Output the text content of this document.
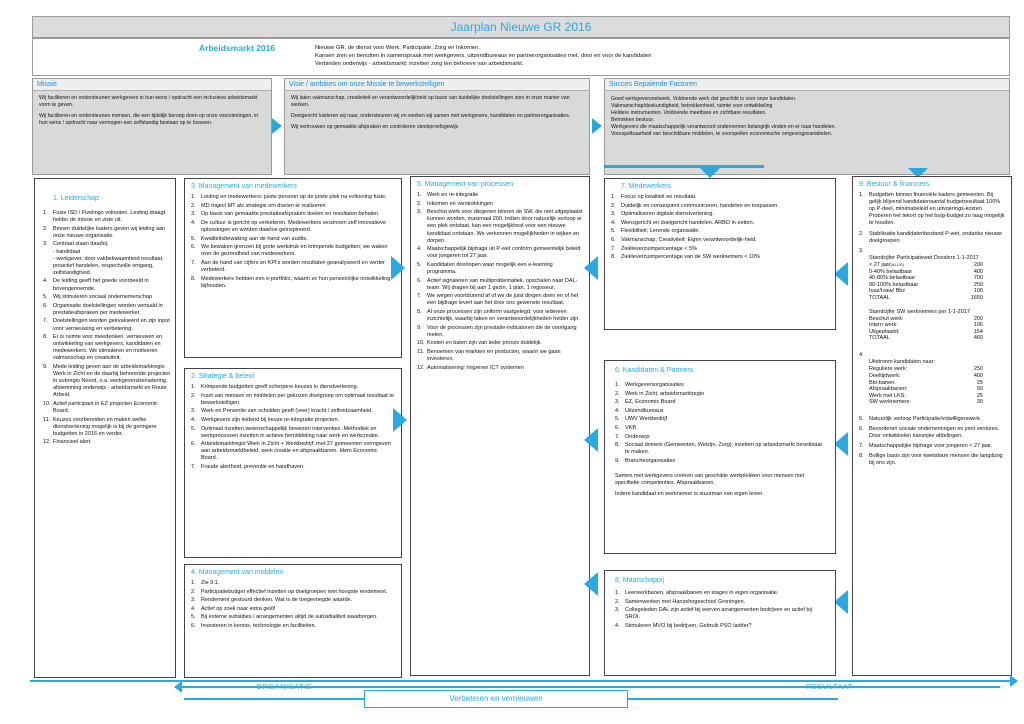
Jaarplan Nieuwe GR 2016
Arbeidsmarkt 2016	Nieuwe GR, de dienst voor Werk, Participatie, Zorg en Inkomen.
Kansen zien en benutten in samenspraak met werkgevers, uitzendbureaus en partnerorganisaties met, door en voor de kandidaten
Verbinden onderwijs - arbeidsmarkt; inzetten zorg ten behoeve van arbeidsmarkt.
Missie

Wij faciliteren en ondersteunen werkgevers in hun wens / opdracht een inclusieve arbeidsmarkt vorm te geven.

Wij faciliteren en ondersteunen mensen, die een tijdelijk beroep doen op onze voorzieningen, in hun wens / opdracht naar vermogen een zelfstandig bestaan op te bouwen.

Visie / ambities om onze Missie te bewerkstelligen

Wij laten vakmanschap, creativiteit en verantwoordelijkheid op basis van duidelijke doelstellingen zien in onze manier van werken.

Doelgericht luisteren wij naar, ondersteunen wij en werken wij samen met werkgevers, kandidaten en partnerorganisaties.

Wij vertrouwen op gemaakte afspraken en controleren steekproefsgewijs

Succes Bepalende Factoren
Goed werkgeversnetwerk. Voldoende werk dat geschikt is voor onze kandidaten.
Vakmanschap/deskundigheid, betrokkenheid, ruimte voor ontwikkeling
Heldere instrumenten. Voldoende meetbare en zichtbare resultaten.
Betrokken bestuur.
Werkgevers die maatschappelijk verantwoord ondernemen belangrijk vinden en er naar handelen.
Voorspelbaarheid van beschikbare middelen, te voorspellen economische omgevingsvariabelen.
1. Leiderschap
1. Fusie ISD / Fivelingo voltooien. Leiding draagt helder de missie en visie uit.
2. Binnen duidelijke kaders geven wij leiding aan onze nieuwe organisatie.
3. Centraal staan daarbij:
- kandidaat
- werkgever, door vakbekwaamheid resultaat, proactief handelen, respectvolle omgang, zelfstandigheid.
4. De leiding geeft het goede voorbeeld in bovengenoemde.
5. Wij stimuleren sociaal ondernemerschap
6. Organisatie doelstellingen worden vertaald in prestatieafspraken per medewerker.
7. Doelstellingen worden geëvalueerd en zijn input voor vernieuwing en verbetering.
8. Er is ruimte voor meedenken, vernieuwen en ontwikkeling van werkgevers, kandidaten en medewerkers. We stimuleren en motiveren valmanschap en creativiteit.
9. Mede leiding geven aan de arbeidsmarktregio Werk in Zicht en de daarbij behorende projecten in subregio Noord, o.a. werkgeversbenadering, afstemming onderwijs - arbeidsmarkt en Route Arbeid.
10. Actief participant in EZ projecten Economic Board.
11. Keuzes voorbereiden en maken welke dienstverlening mogelijk is bij de geringere budgetten in 2016 en verder.
12. Financieel alert.
3. Management van medewerkers
1. Leiding en medewerkers: juiste persoon op de juiste plek na voltooiing fusie.
2. MD traject MT als strategie om doelen te realiseren
3. Op basis van gemaakte prestatieafspraken doelen en resultaten behalen.
4. De cultuur is gericht op verbeteren. Medewerkers verzinnen zelf innovatieve oplossingen en worden daartoe geïnspireerd.
5. Kwaliteitsbewaking aan de hand van audits.
6. We bewaken grenzen bij grote werkdruk en krimpende budgetten; we waken over de gezondheid van medewerkers.
7. Aan de hand van cijfers en KPI's worden resultaten geanalyseerd en verder verbeterd.
8. Medewerkers hebben een e-portfolio, waarin ze hun persoonlijke ontwikkeling bijhouden.
2. Strategie & beleid
1. Krimpende budgetten geeft scherpere keuzes in dienstverlening.
2. Inzet van mensen en middelen per gekozen doelgroep om optimaal resultaat te bewerkstelligen.
3. Werk en Preventie van schulden geeft (veer) kracht / zelfredzaamheid.
4. Werkgevers zijn leidend bij keuze re-integratie projecten.
5. Optimaal inzetten wetenschappelijk bewezen interventies. Methodiek en werkprocessen inzetten in actieve bemiddeling naar werk en werkcreatie.
6. Arbeidsmarktregio Werk in Zicht + Werkbedrijf: met 27 gemeenten vormgeven aan arbeidsmarktbeleid, werk creatie en afspraakbanen. Idem Economic Board.
7. Fraude alertheid, preventie en handhaven.
4. Management van middelen
1. Zie 9.1.
2. Participatiebudget effectief inzetten op doelgroepen met hoogste rendement.
3. Rendement gestuurd denken. Wat is de toegevoegde waarde.
4. Actief op zoek naar extra geld!
5. Bij externe subsidies / arrangementen altijd de subsidialiteit waarborgen.
6. Investeren in kennis, technologie en faciliteiten.
5. Management van processen
1. Werk en re-integratie
2. Inkomen en verstrekkingen
3. Beschut werk voor diegenen binnen de SW, die niet uitgeplaatst kunnen worden, maximaal 200. Indien door natuurlijk verloop er een plek ontstaat, kan een mogelijkheid voor een nieuwe kandidaat ontstaan. We verkennen mogelijkheden in wijken en dorpen.
4. Maatschappelijk bijdrage uit P-wet conform gemeentelijk beleid voor jongeren tot 27 jaar.
5. Kandidaten doorlopen waar mogelijk een e-learning programma.
6. Actief signaleren van multiproblematiek, opschalen naar DAL- team. Wij dragen bij aan 1 gezin, 1 plan, 1 regisseur.
7. We wegen voortdurend af of we de juist dingen doen en of het een bijdrage levert aan het door ons gewenste resultaat.
8. Al onze processen zijn uniform vastgelegd, voor iedereen inzichtelijk, waarbij taken en verantwoordelijkheden helder zijn.
9. Voor de processen zijn prestatie-indicatoren die de voortgang meten.
10. Kosten en baten zijn van ieder proces duidelijk.
11. Benoemen van markten en producten, waarin we gaan investeren.
12. Automatisering: migreren ICT systemen
7. Medewerkers
1. Focus op kwaliteit en resultaat.
2. Duidelijk en consequent communiceren, handelen en toepassen.
3. Optimaliseren digitale dienstverlening.
4. Wensgericht en doelgericht handelen. ARBO in-zetten.
5. Flexibiliteit; Lerende organisatie.
6. Vakmanschap; Creativiteit; Eigen verantwoordelijk-heid.
7. Ziekteverzuimpercentage < 5%
8. Ziekteverzuimpercentage van de SW werknemers < 10%
6. Kandidaten & Partners
1. Werkgeversorganisaties
2. Werk in Zicht, arbeidsmarktregio
3. EZ, Economic Board
4. Uitzendbureaus
5. UWV Werkbedrijf
6. VKB
7. Onderwijs
8. Sociaal domein (Gemeenten, Welzijn, Zorg); inzetten op arbeidsmarkt bereikbaar te maken.
9. Brancheorganisaties
Samen met werkgevers creëren van geschikte werkplekken voor mensen met specifieke competenties. Afspraakbanen.
Iedere kandidaat en werknemer is stuurman van eigen leven.
8. Maatschappij
1. Leerwerkbanen, afspraakbanen en stages in eigen organisatie.
2. Samenwerken met Hanzehogeschool Groningen.
3. Collegeleden DAL zijn actief bij werven arrangementen bedrijven en actief bij SROI.
4. Stimuleren MVO bij bedrijven. Gebruik PSO ladder?
9. Bestuur & financiers
1. Budgetten binnen financiële kaders gemeenten. Bij gelijk blijvend kandidatenaantal budgetresultaat 100% op P-deel, minimabeleid en uitvoerings-kosten. Proberen het tekort op het buig-budget zo laag mogelijk te houden.
2. Stabilisatie kandidatenbestand P-wet, ondanks nieuwe doelgroepen.
3.

Standcijfer Participatiewet Dosslers 1-1-2017

< 27 jaar(40-100)	200
0-40% belastbaar	400
40-80% belastbaar	700
80-100% belastbaar	250
Ioaz/Ioaw/ Bbz	100
TOTAAL	1650

Standcijfer SW werknemers per 1-1-2017

Beschut werk:	200
Intern werk:	106
Uitgeplaatst:	154
TOTAAL	460

4.

Uitstroom kandidaten naar:

Reguliere werk:	250
Deeltijdwerk:	400
Bbi-banen:	25
Afspraakbanen:	50
Werk met LKS:	25
SW werknemers:	30

5. Natuurlijk verloop Participatie/vrijwilligerswerk.
6. Bevorderen sociale ondernemingen en joint ventures. Door ontwikkelen kansrijke afdelingen.
7. Maatschappelijke bijdrage voor jongeren < 27 jaar.
8. Bollige basis zijn voor kwetsbare mensen die langdurig bij ons zijn.
ORGANISATIE	RESULTAAT
Verbeteren en vernieuwen
